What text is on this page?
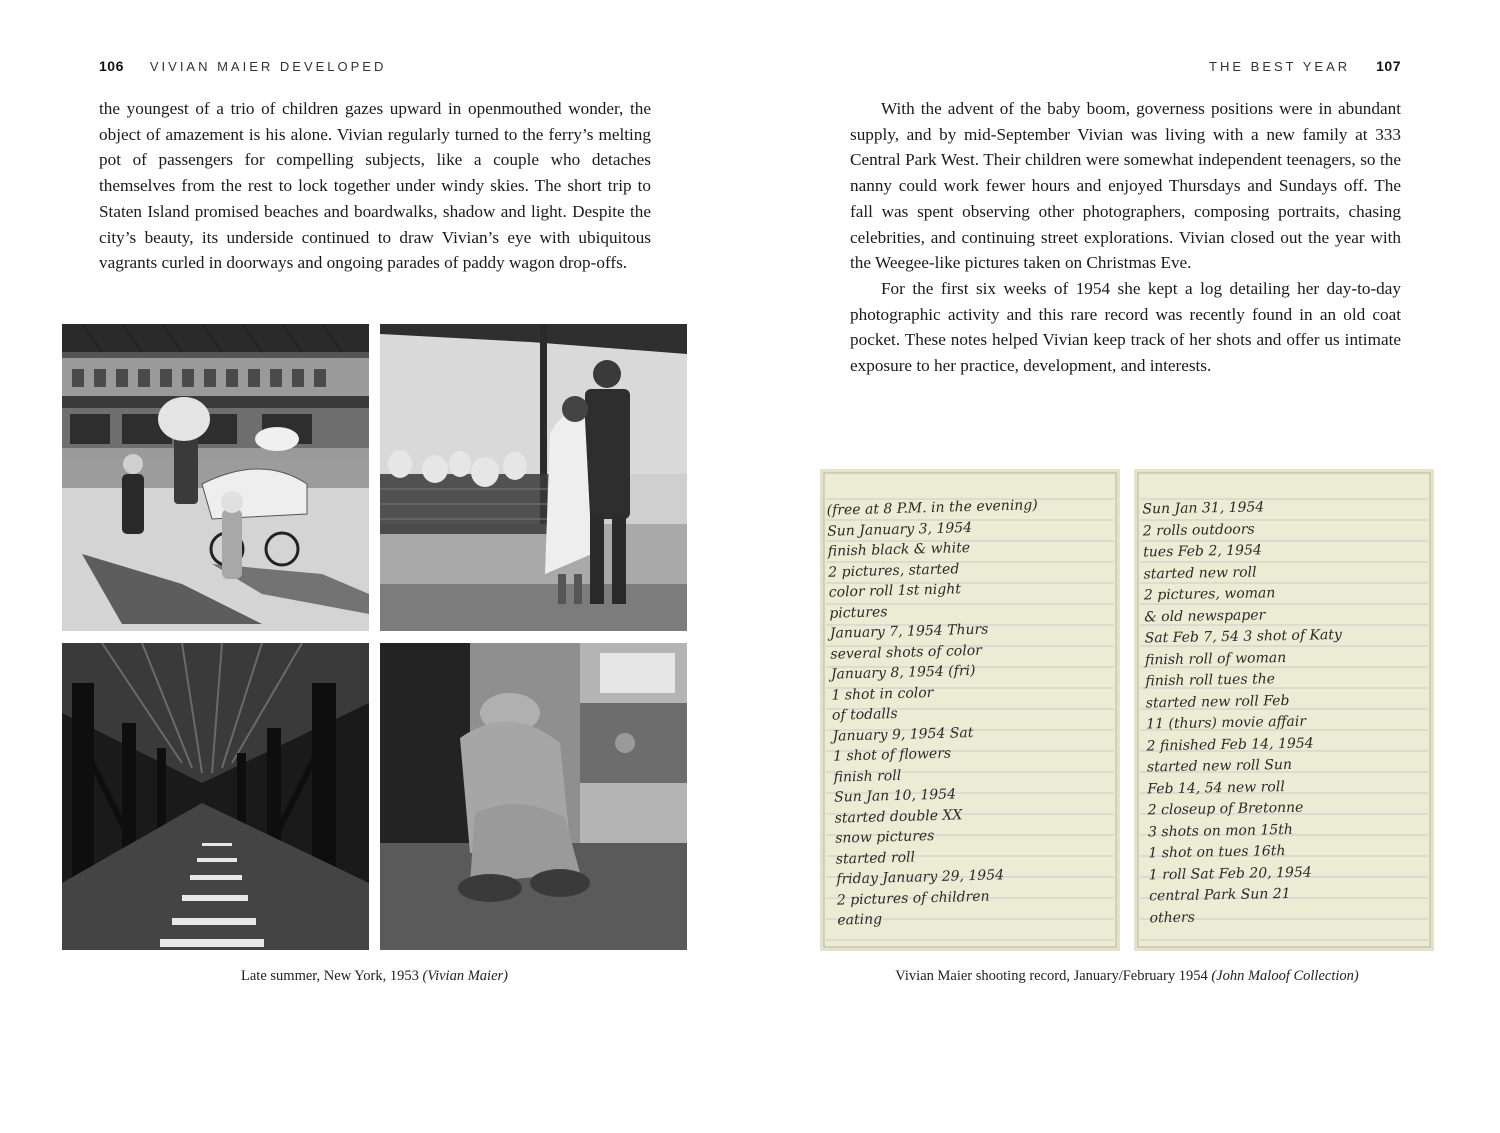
106 VIVIAN MAIER DEVELOPED

the youngest of a trio of children gazes upward in openmouthed wonder, the object of amazement is his alone. Vivian regularly turned to the ferry’s melting pot of passengers for compelling subjects, like a couple who detaches themselves from the rest to lock together under windy skies. The short trip to Staten Island promised beaches and boardwalks, shadow and light. Despite the city’s beauty, its underside continued to draw Vivian’s eye with ubiquitous vagrants curled in doorways and ongoing parades of paddy wagon drop-offs.

Late summer, New York, 1953 (Vivian Maier)
THE BEST YEAR 107

With the advent of the baby boom, governess positions were in abundant supply, and by mid-September Vivian was living with a new family at 333 Central Park West. Their children were somewhat independent teenagers, so the nanny could work fewer hours and enjoyed Thursdays and Sundays off. The fall was spent observing other photographers, composing portraits, chasing celebrities, and continuing street explorations. Vivian closed out the year with the Weegee-like pictures taken on Christmas Eve.

For the first six weeks of 1954 she kept a log detailing her day-to-day photographic activity and this rare record was recently found in an old coat pocket. These notes helped Vivian keep track of her shots and offer us intimate exposure to her practice, development, and interests.

(free at 8 P.M. in the evening)
Sun January 3, 1954
finish black & white
2 pictures, started
color roll 1st night
pictures
January 7, 1954 Thurs
several shots of color
January 8, 1954 (fri)
1 shot in color
of todalls
January 9, 1954 Sat
1 shot of flowers
finish roll
Sun Jan 10, 1954
started double XX
snow pictures
started roll
friday January 29, 1954
2 pictures of children
eating
Sun Jan 31, 1954
2 rolls outdoors
tues Feb 2, 1954
started new roll
2 pictures, woman
& old newspaper
Sat Feb 7, 54 3 shot of Katy
finish roll of woman
finish roll tues the
started new roll Feb
11 (thurs) movie affair
2 finished Feb 14, 1954
started new roll Sun
Feb 14, 54 new roll
2 closeup of Bretonne
3 shots on mon 15th
1 shot on tues 16th
1 roll Sat Feb 20, 1954
central Park Sun 21
others
Vivian Maier shooting record, January/February 1954 (John Maloof Collection)
